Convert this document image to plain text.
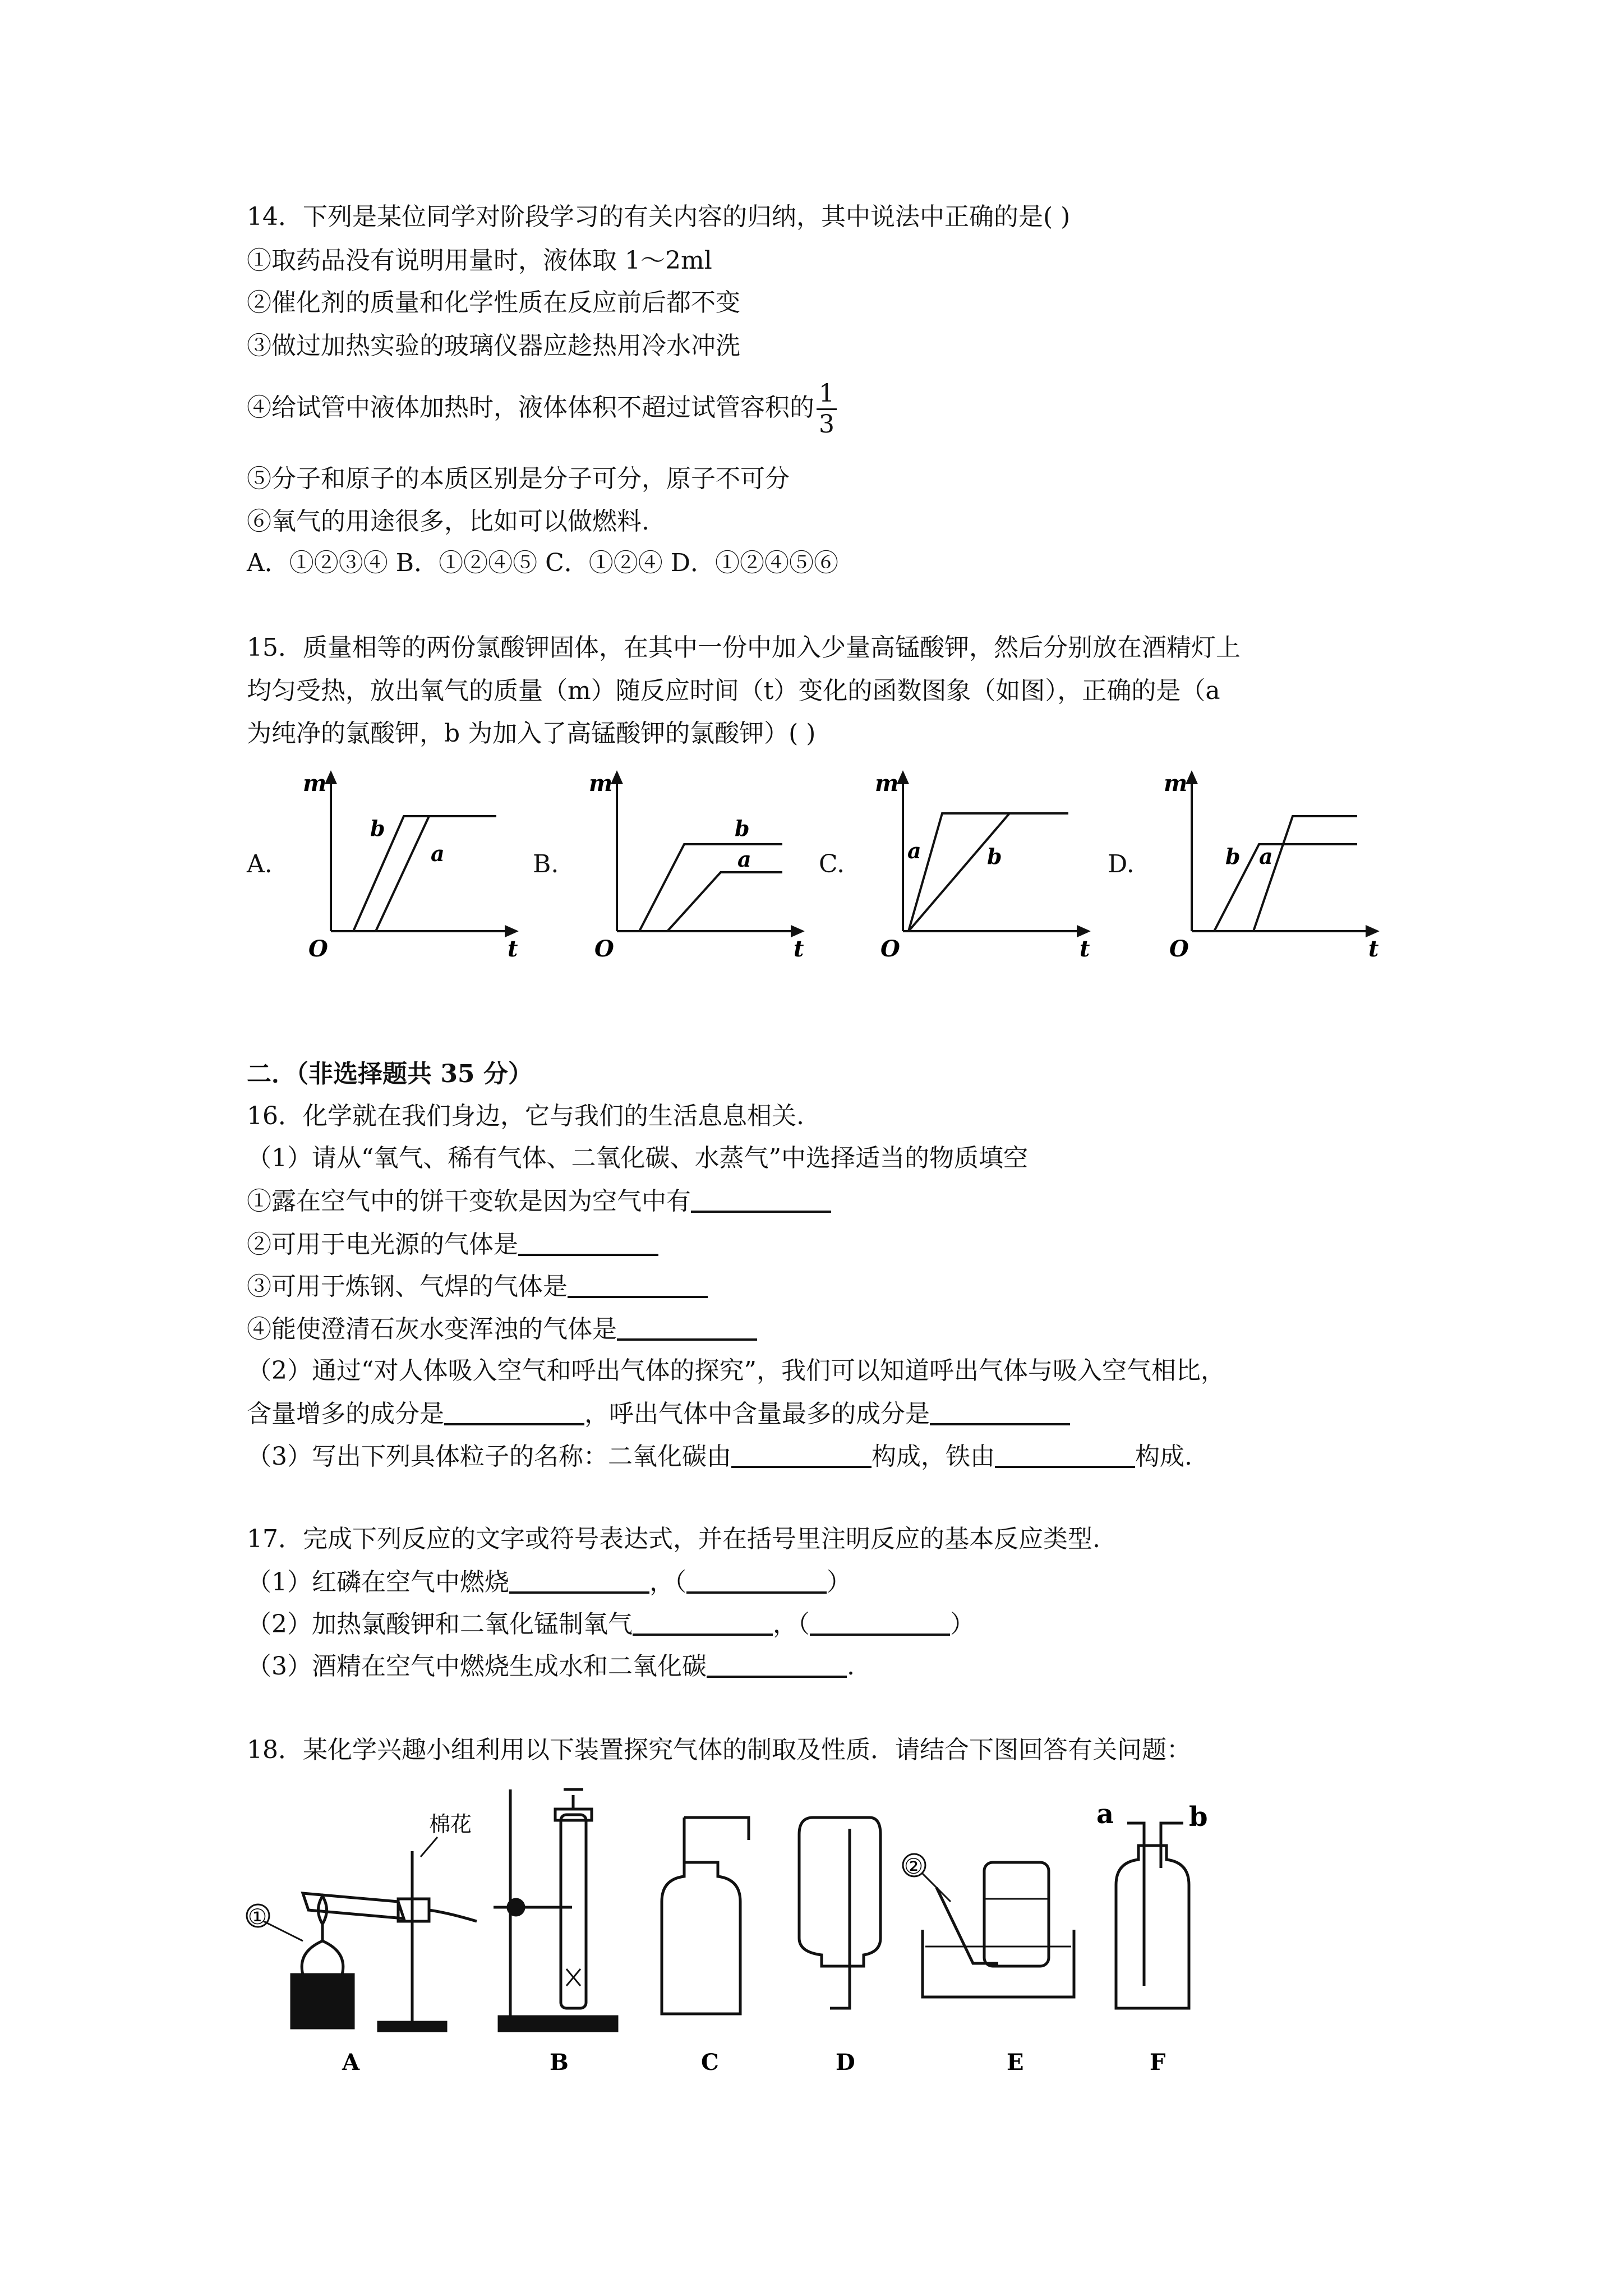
14．下列是某位同学对阶段学习的有关内容的归纳，其中说法中正确的是( )
①取药品没有说明用量时，液体取 1～2ml
②催化剂的质量和化学性质在反应前后都不变
③做过加热实验的玻璃仪器应趁热用冷水冲洗
④给试管中液体加热时，液体体积不超过试管容积的 $\frac{1}{3}$
⑤分子和原子的本质区别是分子可分，原子不可分
⑥氧气的用途很多，比如可以做燃料.
A．①②③④ B．①②④⑤ C．①②④ D．①②④⑤⑥
15．质量相等的两份氯酸钾固体，在其中一份中加入少量高锰酸钾，然后分别放在酒精灯上
均匀受热，放出氧气的质量（m）随反应时间（t）变化的函数图象（如图），正确的是（a
为纯净的氯酸钾，b 为加入了高锰酸钾的氯酸钾）( )
A.
m
t
O
b
a	B.
m
t
O
b
a	C.
m
t
O
a	b	D.
m
t
O
b a
二．（非选择题共 35 分）
16．化学就在我们身边，它与我们的生活息息相关.
（1）请从“氧气、稀有气体、二氧化碳、水蒸气”中选择适当的物质填空
①露在空气中的饼干变软是因为空气中有
②可用于电光源的气体是
③可用于炼钢、气焊的气体是
④能使澄清石灰水变浑浊的气体是
（2）通过“对人体吸入空气和呼出气体的探究”，我们可以知道呼出气体与吸入空气相比，
含量增多的成分是	，呼出气体中含量最多的成分是
（3）写出下列具体粒子的名称：二氧化碳由	构成，铁由	构成.
17．完成下列反应的文字或符号表达式，并在括号里注明反应的基本反应类型.
（1）红磷在空气中燃烧	，（	）
（2）加热氯酸钾和二氧化锰制氧气	，（	）
（3）酒精在空气中燃烧生成水和二氧化碳	.
18．某化学兴趣小组利用以下装置探究气体的制取及性质．请结合下图回答有关问题：
棉花
①
②
a	b
A	B	C	D	E	F
